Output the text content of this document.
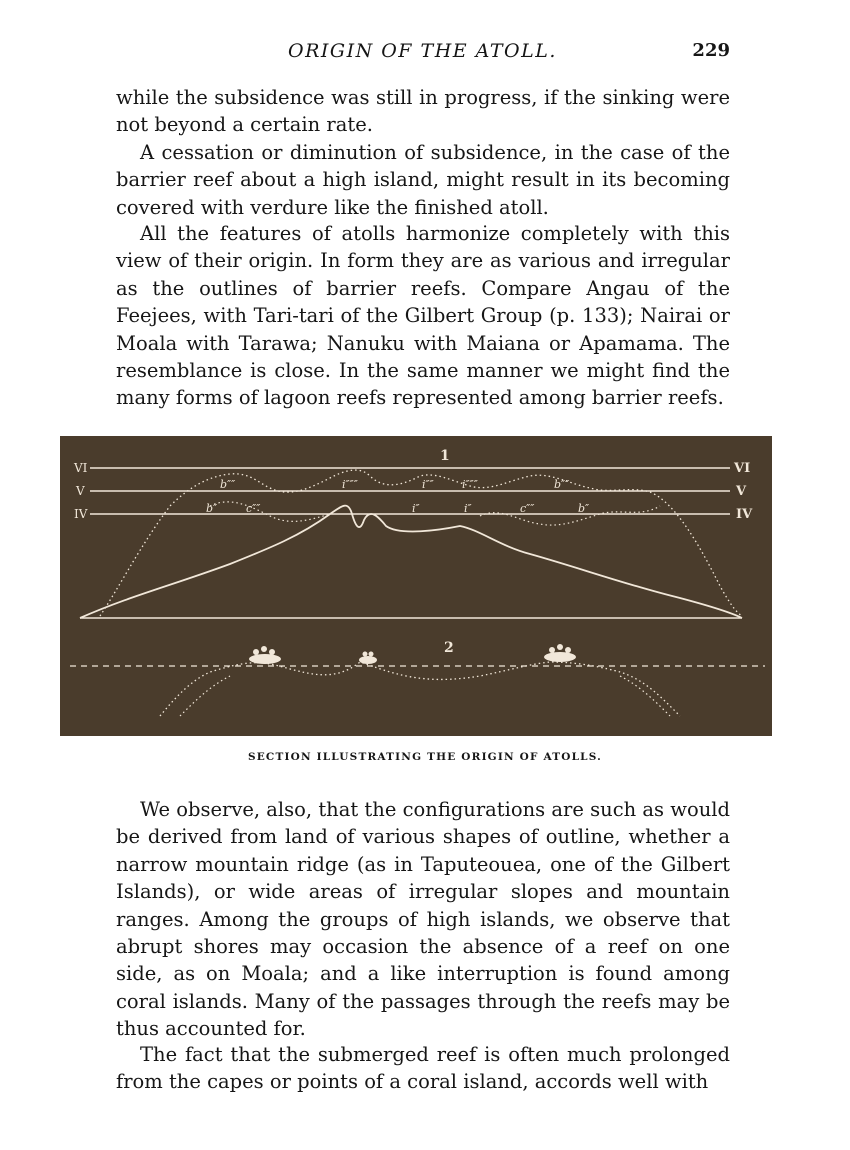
ORIGIN OF THE ATOLL.	229

while the subsidence was still in progress, if the sinking were not beyond a certain rate.

A cessation or diminution of subsidence, in the case of the barrier reef about a high island, might result in its becoming covered with verdure like the finished atoll.

All the features of atolls harmonize completely with this view of their origin. In form they are as various and irregular as the outlines of barrier reefs. Compare Angau of the Feejees, with Tari-tari of the Gilbert Group (p. 133); Nairai or Moala with Tarawa; Nanuku with Maiana or Apamama. The resemblance is close. In the same manner we might find the many forms of lagoon reefs represented among barrier reefs.

1
2
VI
V
IV
VI
V
IV
b″″	i″″″	i″″	i″″″	b″″
b″	c″″	i″	i″	c″″	b″
SECTION ILLUSTRATING THE ORIGIN OF ATOLLS.

We observe, also, that the configurations are such as would be derived from land of various shapes of outline, whether a narrow mountain ridge (as in Taputeouea, one of the Gilbert Islands), or wide areas of irregular slopes and mountain ranges. Among the groups of high islands, we observe that abrupt shores may occasion the absence of a reef on one side, as on Moala; and a like interruption is found among coral islands. Many of the passages through the reefs may be thus accounted for.

The fact that the submerged reef is often much prolonged from the capes or points of a coral island, accords well with
